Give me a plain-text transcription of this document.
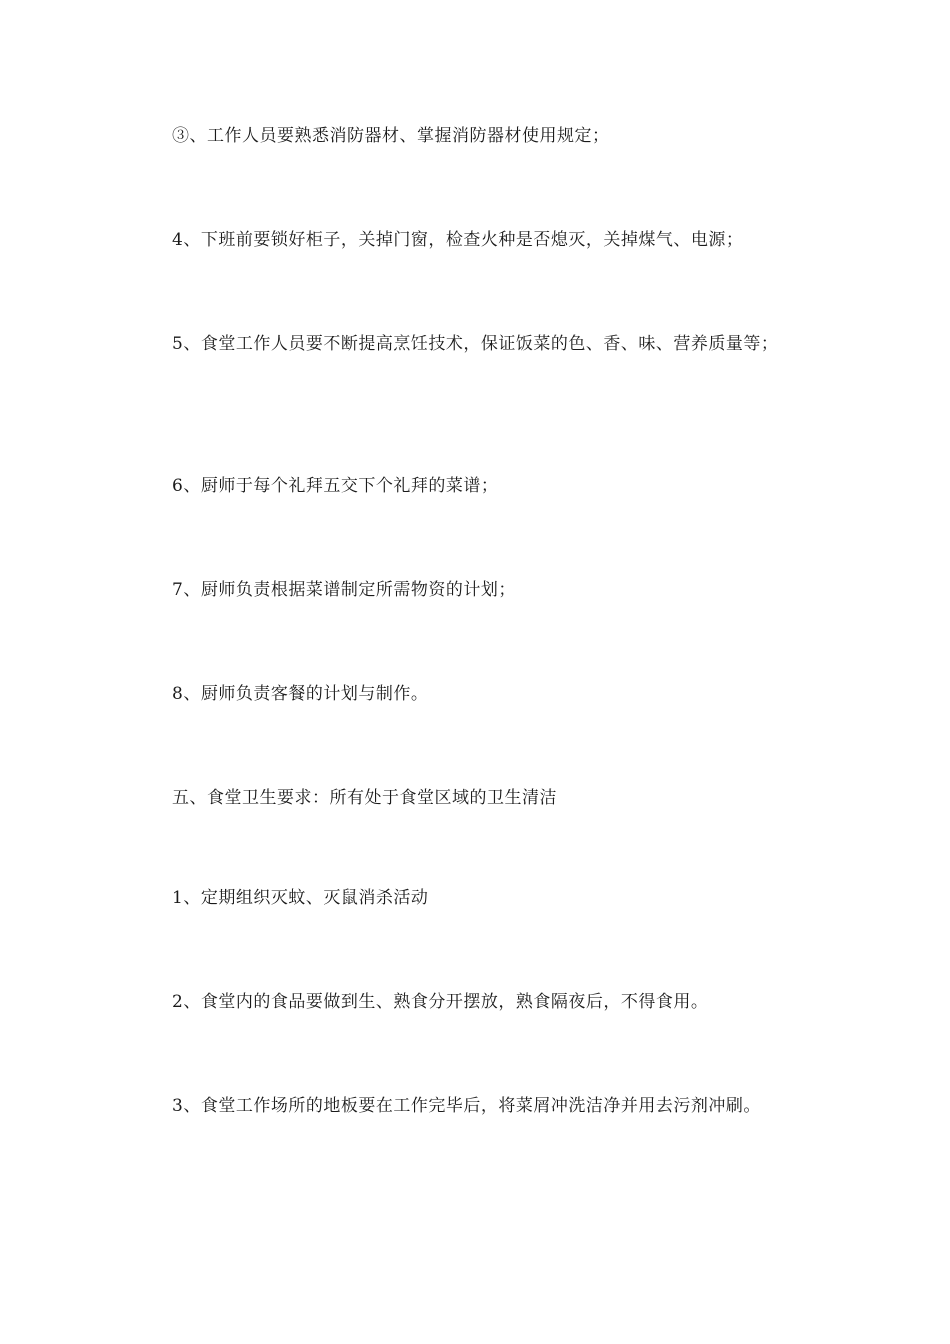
③、工作人员要熟悉消防器材、掌握消防器材使用规定；

4、下班前要锁好柜子，关掉门窗，检查火种是否熄灭，关掉煤气、电源；

5、食堂工作人员要不断提高烹饪技术，保证饭菜的色、香、味、营养质量等；

6、厨师于每个礼拜五交下个礼拜的菜谱；

7、厨师负责根据菜谱制定所需物资的计划；

8、厨师负责客餐的计划与制作。

五、食堂卫生要求：所有处于食堂区域的卫生清洁

1、定期组织灭蚊、灭鼠消杀活动

2、食堂内的食品要做到生、熟食分开摆放，熟食隔夜后，不得食用。

3、食堂工作场所的地板要在工作完毕后，将菜屑冲洗洁净并用去污剂冲刷。
